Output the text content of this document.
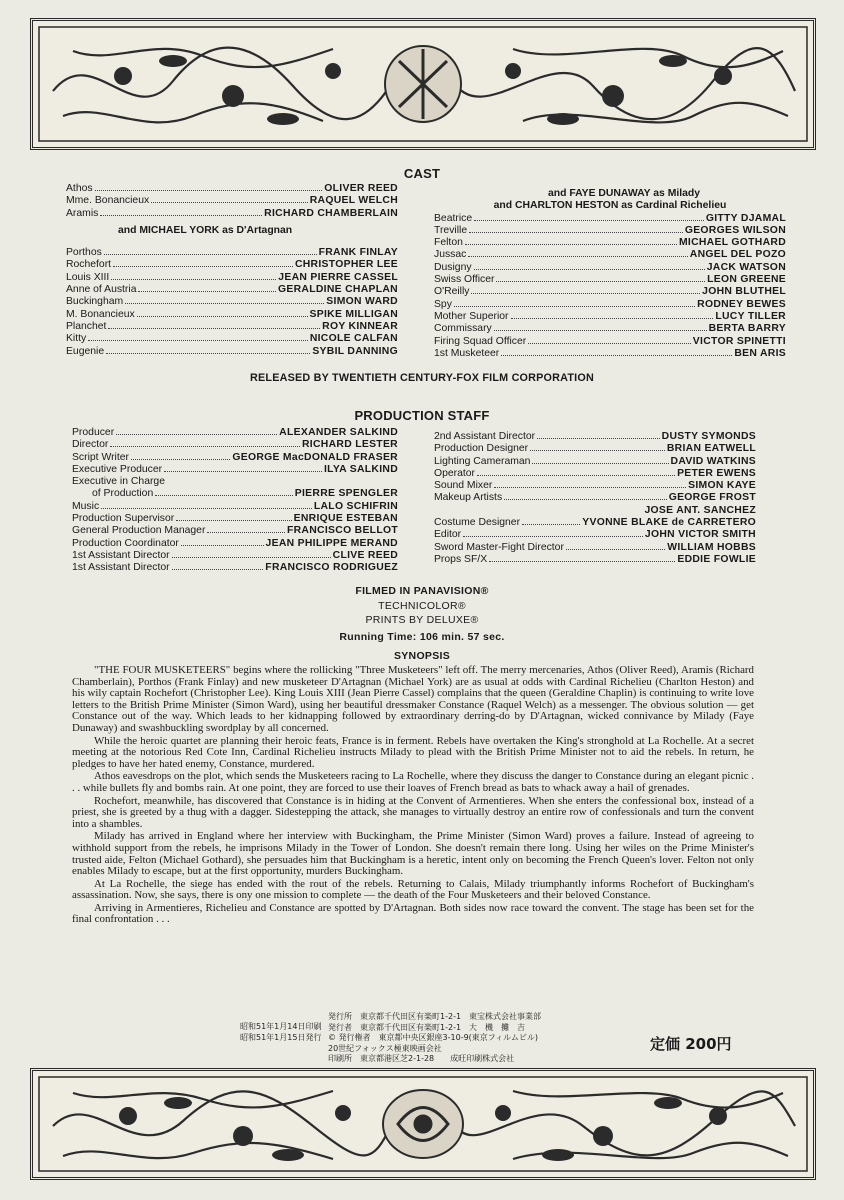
CAST
Athos	OLIVER REED
Mme. Bonancieux	RAQUEL WELCH
Aramis	RICHARD CHAMBERLAIN
and MICHAEL YORK as D'Artagnan
Porthos	FRANK FINLAY
Rochefort	CHRISTOPHER LEE
Louis XIII	JEAN PIERRE CASSEL
Anne of Austria	GERALDINE CHAPLAN
Buckingham	SIMON WARD
M. Bonancieux	SPIKE MILLIGAN
Planchet	ROY KINNEAR
Kitty	NICOLE CALFAN
Eugenie	SYBIL DANNING
and FAYE DUNAWAY as Milady
and CHARLTON HESTON as Cardinal Richelieu
Beatrice	GITTY DJAMAL
Treville	GEORGES WILSON
Felton	MICHAEL GOTHARD
Jussac	ANGEL DEL POZO
Dusigny	JACK WATSON
Swiss Officer	LEON GREENE
O'Reilly	JOHN BLUTHEL
Spy	RODNEY BEWES
Mother Superior	LUCY TILLER
Commissary	BERTA BARRY
Firing Squad Officer	VICTOR SPINETTI
1st Musketeer	BEN ARIS
RELEASED BY TWENTIETH CENTURY-FOX FILM CORPORATION
PRODUCTION STAFF
Producer	ALEXANDER SALKIND
Director	RICHARD LESTER
Script Writer	GEORGE MacDONALD FRASER
Executive Producer	ILYA SALKIND
Executive in Charge
of Production	PIERRE SPENGLER
Music	LALO SCHIFRIN
Production Supervisor	ENRIQUE ESTEBAN
General Production Manager	FRANCISCO BELLOT
Production Coordinator	JEAN PHILIPPE MERAND
1st Assistant Director	CLIVE REED
1st Assistant Director	FRANCISCO RODRIGUEZ
2nd Assistant Director	DUSTY SYMONDS
Production Designer	BRIAN EATWELL
Lighting Cameraman	DAVID WATKINS
Operator	PETER EWENS
Sound Mixer	SIMON KAYE
Makeup Artists	GEORGE FROST
JOSE ANT. SANCHEZ
Costume Designer	YVONNE BLAKE de CARRETERO
Editor	JOHN VICTOR SMITH
Sword Master-Fight Director	WILLIAM HOBBS
Props SF/X	EDDIE FOWLIE
FILMED IN PANAVISION®
TECHNICOLOR®
PRINTS BY DELUXE®
Running Time: 106 min. 57 sec.
SYNOPSIS

"THE FOUR MUSKETEERS" begins where the rollicking "Three Musketeers" left off. The merry mercenaries, Athos (Oliver Reed), Aramis (Richard Chamberlain), Porthos (Frank Finlay) and new musketeer D'Artagnan (Michael York) are as usual at odds with Cardinal Richelieu (Charlton Heston) and his wily captain Rochefort (Christopher Lee). King Louis XIII (Jean Pierre Cassel) complains that the queen (Geraldine Chaplin) is continuing to write love letters to the British Prime Minister (Simon Ward), using her beautiful dressmaker Constance (Raquel Welch) as a messenger. The obvious solution — get Constance out of the way. Which leads to her kidnapping followed by extraordinary derring-do by D'Artagnan, wicked connivance by Milady (Faye Dunaway) and swashbuckling swordplay by all concerned.

While the heroic quartet are planning their heroic feats, France is in ferment. Rebels have overtaken the King's stronghold at La Rochelle. At a secret meeting at the notorious Red Cote Inn, Cardinal Richelieu instructs Milady to plead with the British Prime Minister not to aid the rebels. In return, he pledges to have her hated enemy, Constance, murdered.

Athos eavesdrops on the plot, which sends the Musketeers racing to La Rochelle, where they discuss the danger to Constance during an elegant picnic . . . while bullets fly and bombs rain. At one point, they are forced to use their loaves of French bread as bats to whack away a hail of grenades.

Rochefort, meanwhile, has discovered that Constance is in hiding at the Convent of Armentieres. When she enters the confessional box, instead of a priest, she is greeted by a thug with a dagger. Sidestepping the attack, she manages to virtually destroy an entire row of confessionals and turn the convent into a shambles.

Milady has arrived in England where her interview with Buckingham, the Prime Minister (Simon Ward) proves a failure. Instead of agreeing to withhold support from the rebels, he imprisons Milady in the Tower of London. She doesn't remain there long. Using her wiles on the Prime Minister's trusted aide, Felton (Michael Gothard), she persuades him that Buckingham is a heretic, intent only on becoming the French Queen's lover. Felton not only enables Milady to escape, but at the first opportunity, murders Buckingham.

At La Rochelle, the siege has ended with the rout of the rebels. Returning to Calais, Milady triumphantly informs Rochefort of Buckingham's assassination. Now, she says, there is ony one mission to complete — the death of the Four Musketeers and their beloved Constance.

Arriving in Armentieres, Richelieu and Constance are spotted by D'Artagnan. Both sides now race toward the convent. The stage has been set for the final confrontation . . .

昭和51年1月14日印刷
昭和51年1月15日発行
発行所　東京都千代田区有楽町1-2-1　東宝株式会社事業部
発行者　東京都千代田区有楽町1-2-1　大　機　攤　吉
© 発行権者　東京都中央区銀座3-10-9(東京フィルムビル)
　　　　　　　　　　　　　　　　　　　　　　　　　20世紀フォックス極東映画会社
印刷所　東京都港区芝2-1-28　　成旺印刷株式会社
定価 200円
